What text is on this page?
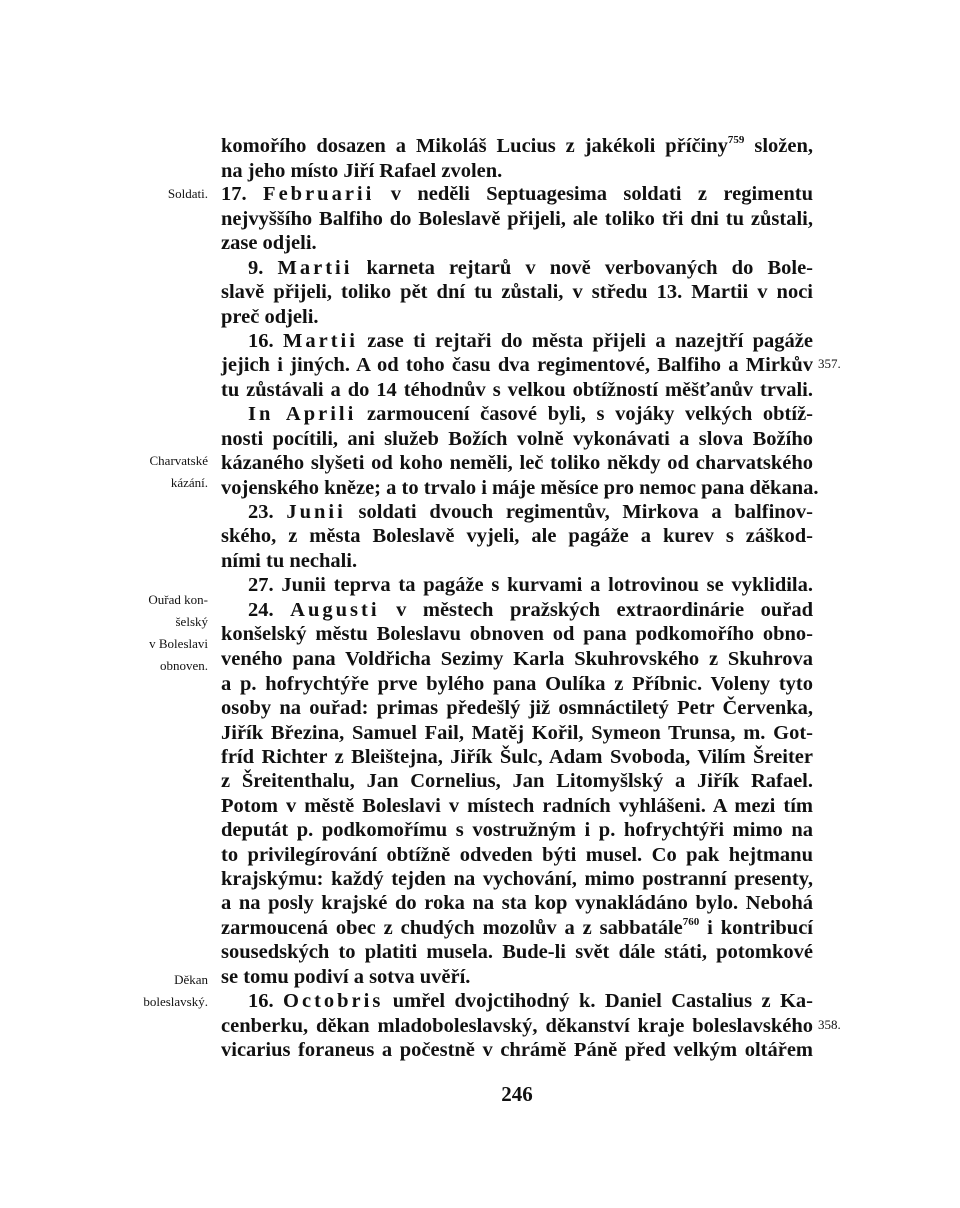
komořího dosazen a Mikoláš Lucius z jakékoli příčiny$^{759}$ složen,
na jeho místo Jiří Rafael zvolen.
17. Februarii v neděli Septuagesima soldati z regimentu
nejvyššího Balfiho do Boleslavě přijeli, ale toliko tři dni tu zůstali,
zase odjeli.
9. Martii karneta rejtarů v nově verbovaných do Bole-
slavě přijeli, toliko pět dní tu zůstali, v středu 13. Martii v noci
preč odjeli.
16. Martii zase ti rejtaři do města přijeli a nazejtří pagáže
jejich i jiných. A od toho času dva regimentové, Balfiho a Mirkův
tu zůstávali a do 14 téhodnův s velkou obtížností měšťanův trvali.
In Aprili zarmoucení časové byli, s vojáky velkých obtíž-
nosti pocítili, ani služeb Božích volně vykonávati a slova Božího
kázaného slyšeti od koho neměli, leč toliko někdy od charvatského
vojenského kněze; a to trvalo i máje měsíce pro nemoc pana děkana.
23. Junii soldati dvouch regimentův, Mirkova a balfinov-
ského, z města Boleslavě vyjeli, ale pagáže a kurev s záškod-
ními tu nechali.
27. Junii teprva ta pagáže s kurvami a lotrovinou se vyklidila.
24. Augusti v městech pražských extraordinárie ouřad
konšelský městu Boleslavu obnoven od pana podkomořího obno-
veného pana Voldřicha Sezimy Karla Skuhrovského z Skuhrova
a p. hofrychtýře prve bylého pana Oulíka z Příbnic. Voleny tyto
osoby na ouřad: primas předešlý již osmnáctiletý Petr Červenka,
Jiřík Březina, Samuel Fail, Matěj Kořil, Symeon Trunsa, m. Got-
fríd Richter z Bleištejna, Jiřík Šulc, Adam Svoboda, Vilím Šreiter
z Šreitenthalu, Jan Cornelius, Jan Litomyšlský a Jiřík Rafael.
Potom v městě Boleslavi v místech radních vyhlášeni. A mezi tím
deputát p. podkomořímu s vostružným i p. hofrychtýři mimo na
to privilegírování obtížně odveden býti musel. Co pak hejtmanu
krajskýmu: každý tejden na vychování, mimo postranní presenty,
a na posly krajské do roka na sta kop vynakládáno bylo. Nebohá
zarmoucená obec z chudých mozolův a z sabbatále$^{760}$ i kontribucí
sousedských to platiti musela. Bude-li svět dále státi, potomkové
se tomu podiví a sotva uvěří.
16. Octobris umřel dvojctihodný k. Daniel Castalius z Ka-
cenberku, děkan mladoboleslavský, děkanství kraje boleslavského
vicarius foraneus a počestně v chrámě Páně před velkým oltářem
Soldati.
Charvatské
kázání.
Ouřad kon-
šelský
v Boleslavi
obnoven.
Děkan
boleslavský.
357.
358.
246
